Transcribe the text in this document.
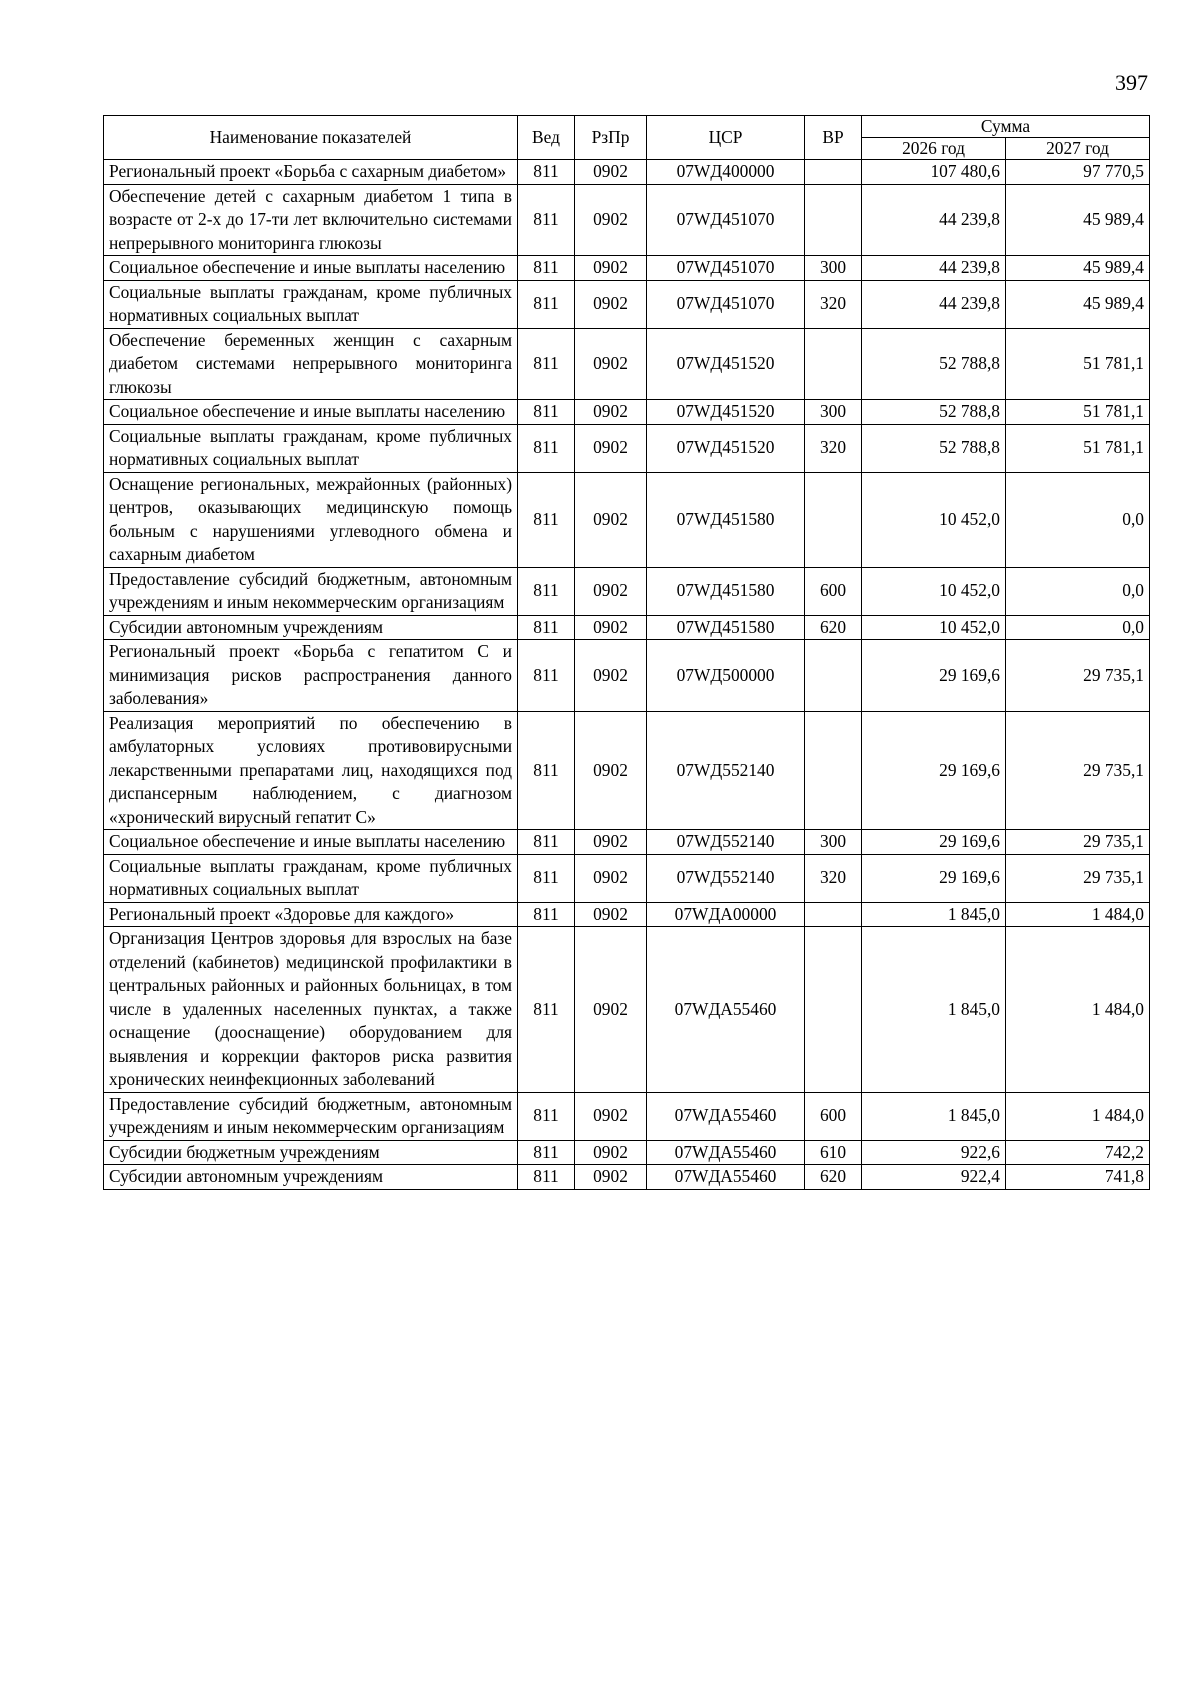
397
Наименование показателей	Вед	РзПр	ЦСР	ВР	Сумма	
					2026 год	2027 год
Региональный проект «Борьба с сахарным диабетом»	811	0902	07WД400000		107 480,6	97 770,5
Обеспечение детей с сахарным диабетом 1 типа в возрасте от 2-х до 17-ти лет включительно системами непрерывного мониторинга глюкозы	811	0902	07WД451070		44 239,8	45 989,4
Социальное обеспечение и иные выплаты населению	811	0902	07WД451070	300	44 239,8	45 989,4
Социальные выплаты гражданам, кроме публичных нормативных социальных выплат	811	0902	07WД451070	320	44 239,8	45 989,4
Обеспечение беременных женщин с сахарным диабетом системами непрерывного мониторинга глюкозы	811	0902	07WД451520		52 788,8	51 781,1
Социальное обеспечение и иные выплаты населению	811	0902	07WД451520	300	52 788,8	51 781,1
Социальные выплаты гражданам, кроме публичных нормативных социальных выплат	811	0902	07WД451520	320	52 788,8	51 781,1
Оснащение региональных, межрайонных (районных) центров, оказывающих медицинскую помощь больным с нарушениями углеводного обмена и сахарным диабетом	811	0902	07WД451580		10 452,0	0,0
Предоставление субсидий бюджетным, автономным учреждениям и иным некоммерческим организациям	811	0902	07WД451580	600	10 452,0	0,0
Субсидии автономным учреждениям	811	0902	07WД451580	620	10 452,0	0,0
Региональный проект «Борьба с гепатитом С и минимизация рисков распространения данного заболевания»	811	0902	07WД500000		29 169,6	29 735,1
Реализация мероприятий по обеспечению в амбулаторных условиях противовирусными лекарственными препаратами лиц, находящихся под диспансерным наблюдением, с диагнозом «хронический вирусный гепатит С»	811	0902	07WД552140		29 169,6	29 735,1
Социальное обеспечение и иные выплаты населению	811	0902	07WД552140	300	29 169,6	29 735,1
Социальные выплаты гражданам, кроме публичных нормативных социальных выплат	811	0902	07WД552140	320	29 169,6	29 735,1
Региональный проект «Здоровье для каждого»	811	0902	07WДА00000		1 845,0	1 484,0
Организация Центров здоровья для взрослых на базе отделений (кабинетов) медицинской профилактики в центральных районных и районных больницах, в том числе в удаленных населенных пунктах, а также оснащение (дооснащение) оборудованием для выявления и коррекции факторов риска развития хронических неинфекционных заболеваний	811	0902	07WДА55460		1 845,0	1 484,0
Предоставление субсидий бюджетным, автономным учреждениям и иным некоммерческим организациям	811	0902	07WДА55460	600	1 845,0	1 484,0
Субсидии бюджетным учреждениям	811	0902	07WДА55460	610	922,6	742,2
Субсидии автономным учреждениям	811	0902	07WДА55460	620	922,4	741,8
